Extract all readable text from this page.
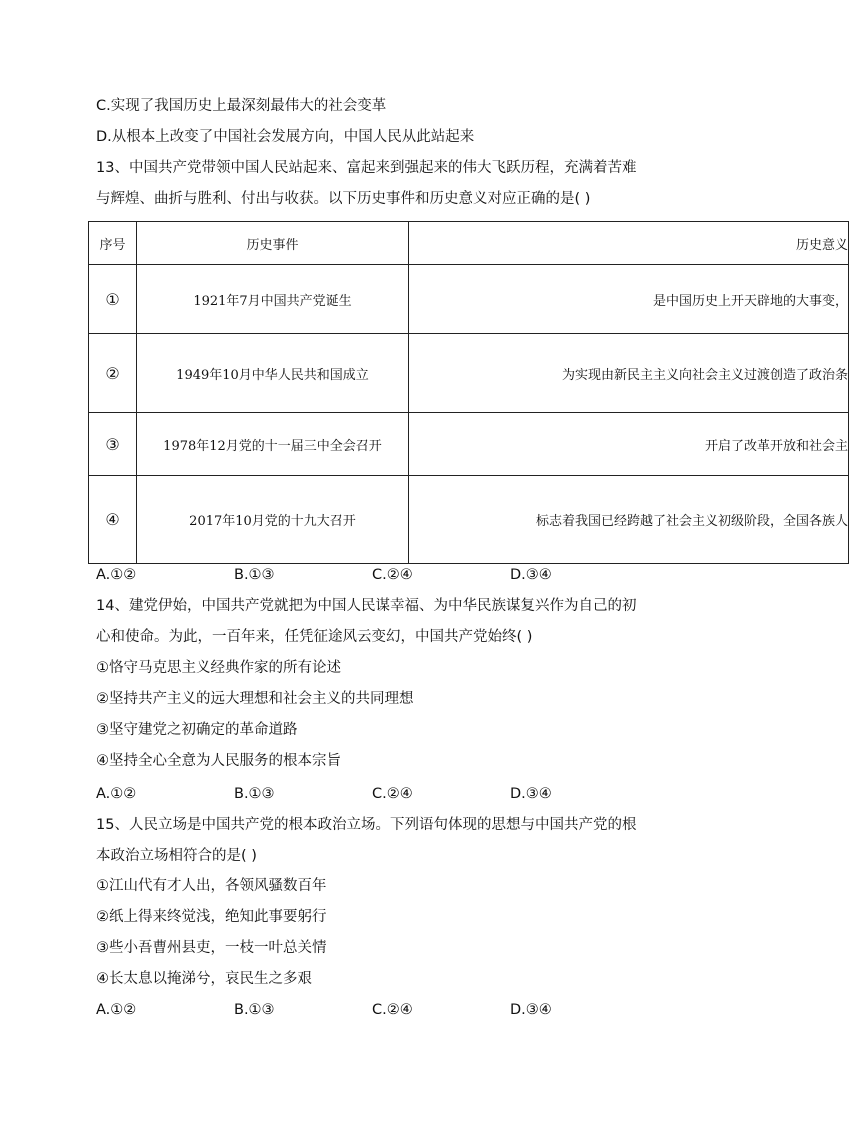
C.实现了我国历史上最深刻最伟大的社会变革
D.从根本上改变了中国社会发展方向，中国人民从此站起来
13、中国共产党带领中国人民站起来、富起来到强起来的伟大飞跃历程，充满着苦难
与辉煌、曲折与胜利、付出与收获。以下历史事件和历史意义对应正确的是( )
序号	历史事件	历史意义
①	1921年7月中国共产党诞生	是中国历史上开天辟地的大事变，
②	1949年10月中华人民共和国成立	为实现由新民主主义向社会主义过渡创造了政治条
③	1978年12月党的十一届三中全会召开	开启了改革开放和社会主
④	2017年10月党的十九大召开	标志着我国已经跨越了社会主义初级阶段，全国各族人
A.①②	B.①③	C.②④	D.③④
14、建党伊始，中国共产党就把为中国人民谋幸福、为中华民族谋复兴作为自己的初
心和使命。为此，一百年来，任凭征途风云变幻，中国共产党始终( )
①恪守马克思主义经典作家的所有论述
②坚持共产主义的远大理想和社会主义的共同理想
③坚守建党之初确定的革命道路
④坚持全心全意为人民服务的根本宗旨
A.①②	B.①③	C.②④	D.③④
15、人民立场是中国共产党的根本政治立场。下列语句体现的思想与中国共产党的根
本政治立场相符合的是( )
①江山代有才人出，各领风骚数百年
②纸上得来终觉浅，绝知此事要躬行
③些小吾曹州县吏，一枝一叶总关情
④长太息以掩涕兮，哀民生之多艰
A.①②	B.①③	C.②④	D.③④
